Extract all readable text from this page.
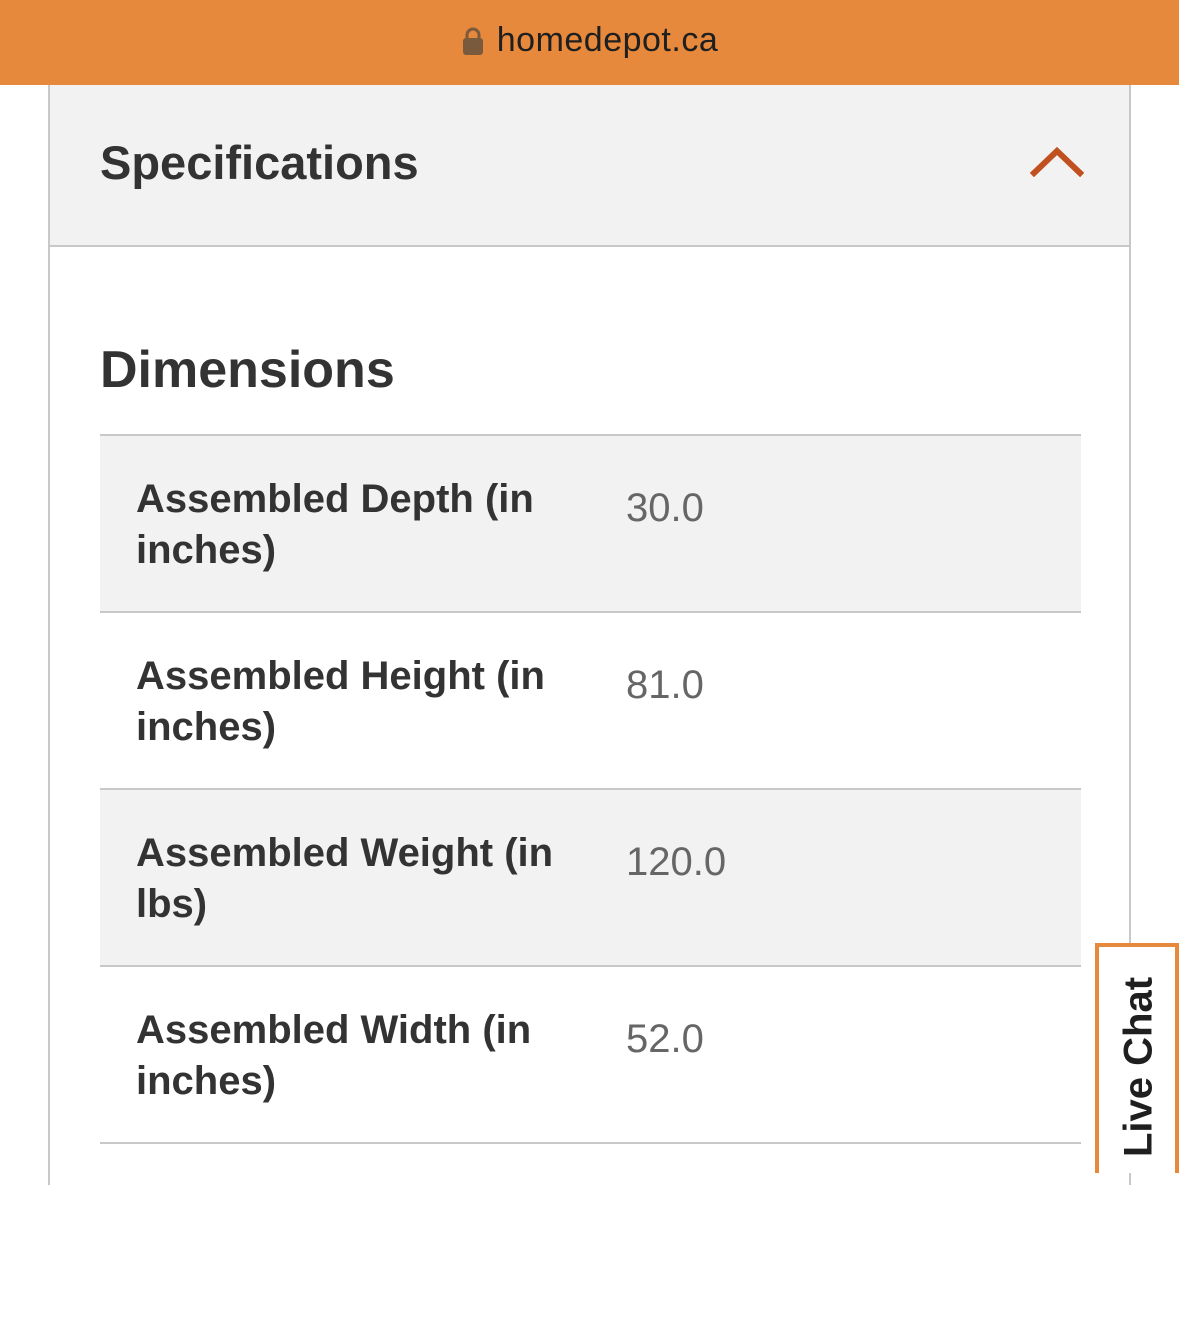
homedepot.ca
Specifications
Dimensions
Assembled Depth (in inches)
30.0
Assembled Height (in inches)
81.0
Assembled Weight (in lbs)
120.0
Assembled Width (in inches)
52.0	Live Chat
